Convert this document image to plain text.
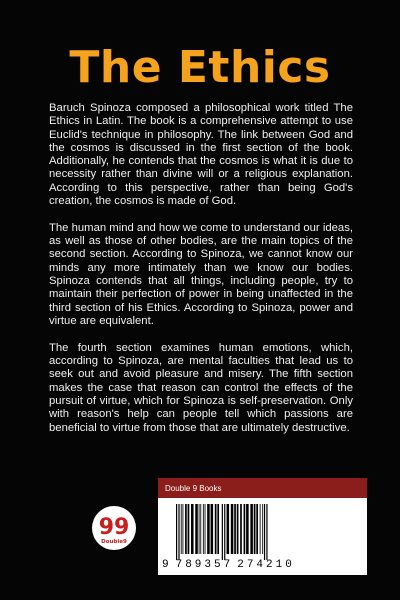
The Ethics

Baruch Spinoza composed a philosophical work titled The Ethics in Latin. The book is a comprehensive attempt to use Euclid's technique in philosophy. The link between God and the cosmos is discussed in the first section of the book. Additionally, he contends that the cosmos is what it is due to necessity rather than divine will or a religious explanation. According to this perspective, rather than being God's creation, the cosmos is made of God.

The human mind and how we come to understand our ideas, as well as those of other bodies, are the main topics of the second section. According to Spinoza, we cannot know our minds any more intimately than we know our bodies. Spinoza contends that all things, including people, try to maintain their perfection of power in being unaffected in the third section of his Ethics. According to Spinoza, power and virtue are equivalent.

The fourth section examines human emotions, which, according to Spinoza, are mental faculties that lead us to seek out and avoid pleasure and misery. The fifth section makes the case that reason can control the effects of the pursuit of virtue, which for Spinoza is self-preservation. Only with reason's help can people tell which passions are beneficial to virtue from those that are ultimately destructive.

Double 9 Books
99
Double9
9 789357 274210
